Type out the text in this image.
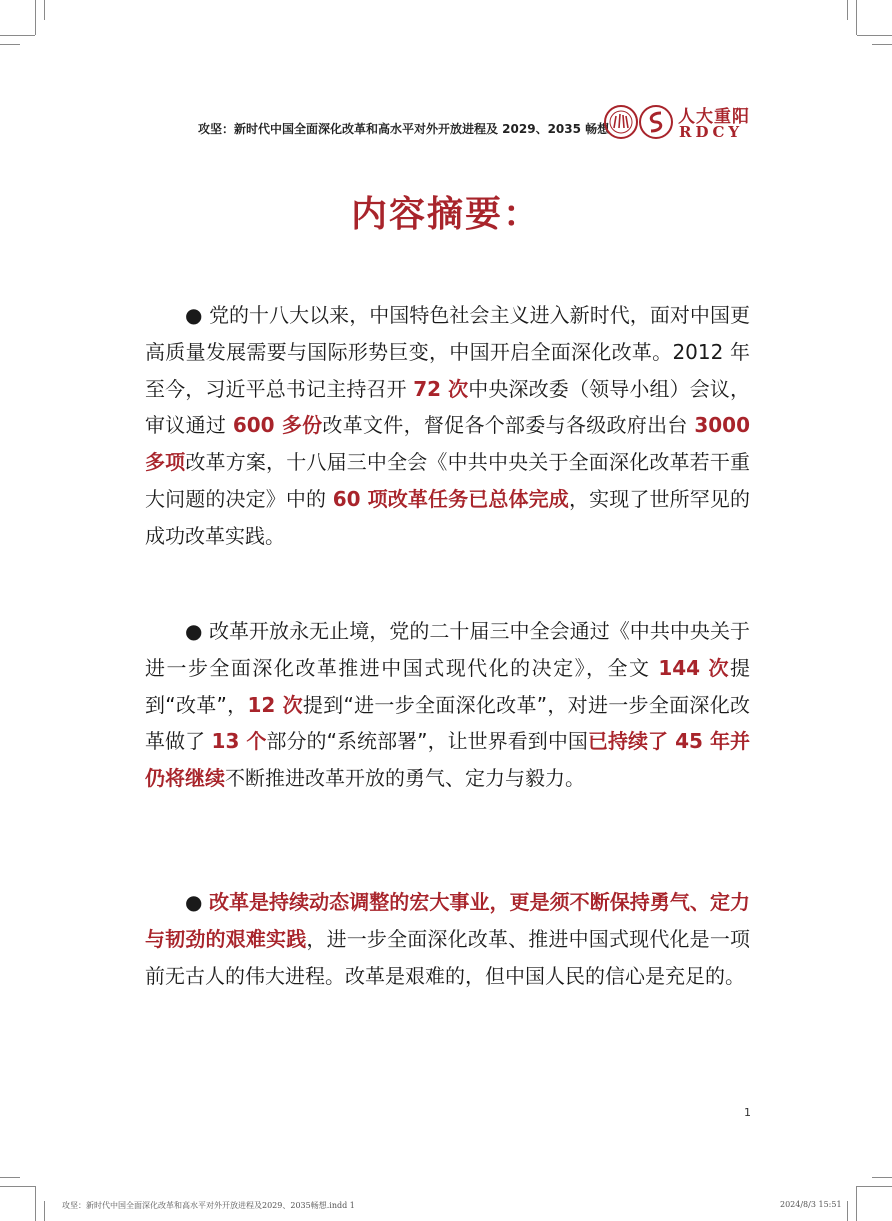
攻坚：新时代中国全面深化改革和高水平对外开放进程及 2029、2035 畅想
人大重阳
RDCY
内容摘要：
● 党的十八大以来，中国特色社会主义进入新时代，面对中国更高质量发展需要与国际形势巨变，中国开启全面深化改革。2012 年至今，习近平总书记主持召开 72 次中央深改委（领导小组）会议，审议通过 600 多份改革文件，督促各个部委与各级政府出台 3000 多项改革方案，十八届三中全会《中共中央关于全面深化改革若干重大问题的决定》中的 60 项改革任务已总体完成，实现了世所罕见的成功改革实践。
● 改革开放永无止境，党的二十届三中全会通过《中共中央关于进一步全面深化改革推进中国式现代化的决定》，全文 144 次提到“改革”，12 次提到“进一步全面深化改革”，对进一步全面深化改革做了 13 个部分的“系统部署”，让世界看到中国已持续了 45 年并仍将继续不断推进改革开放的勇气、定力与毅力。
● 改革是持续动态调整的宏大事业，更是须不断保持勇气、定力与韧劲的艰难实践，进一步全面深化改革、推进中国式现代化是一项前无古人的伟大进程。改革是艰难的，但中国人民的信心是充足的。
1
攻坚：新时代中国全面深化改革和高水平对外开放进程及2029、2035畅想.indd 1	2024/8/3 15:51
